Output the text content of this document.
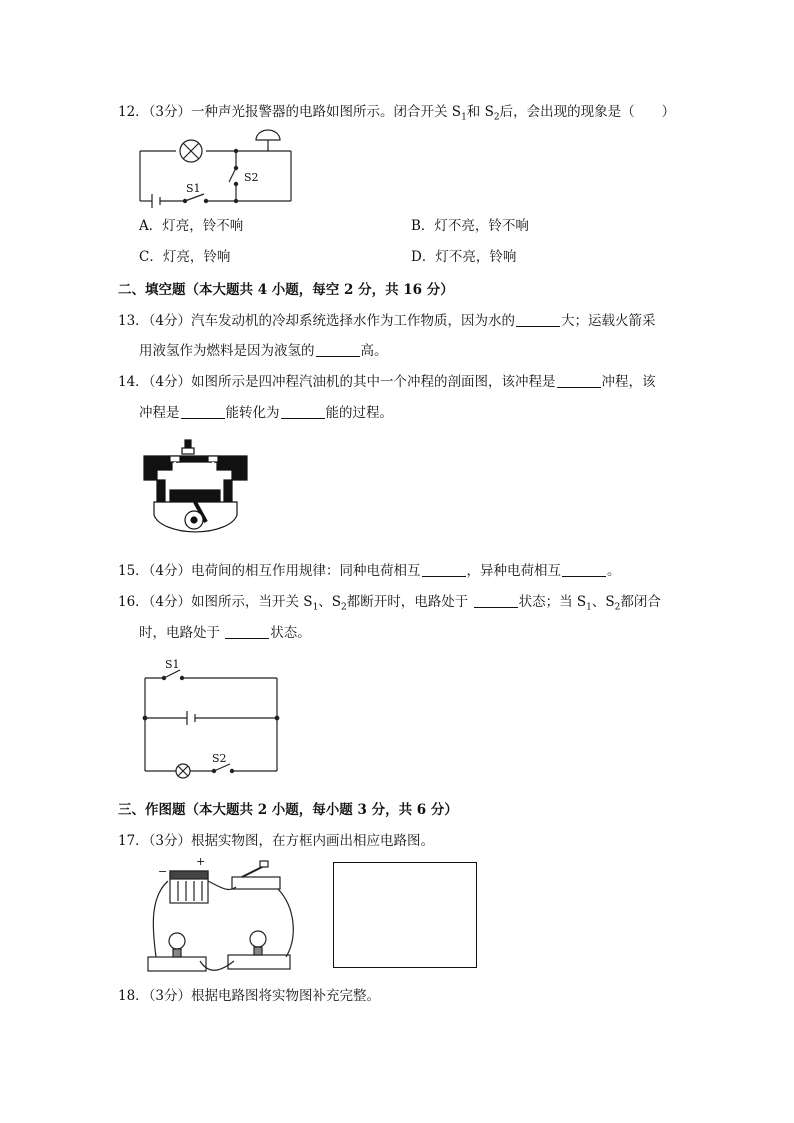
12．（3分）一种声光报警器的电路如图所示。闭合开关 $S_1$和 $S_2$后，会出现的现象是（　　）
S1
S2
A．灯亮，铃不响	B．灯不亮，铃不响
C．灯亮，铃响	D．灯不亮，铃响
二、填空题（本大题共 4 小题，每空 2 分，共 16 分）
13．（4分）汽车发动机的冷却系统选择水作为工作物质，因为水的	大；运载火箭采
用液氢作为燃料是因为液氢的	高。
14．（4分）如图所示是四冲程汽油机的其中一个冲程的剖面图，该冲程是	冲程，该
冲程是	能转化为	能的过程。
15．（4分）电荷间的相互作用规律：同种电荷相互	，异种电荷相互	。
16．（4分）如图所示，当开关 $S_1$、$S_2$都断开时，电路处于	状态；当 $S_1$、$S_2$都闭合
时，电路处于	状态。
S1
S2
三、作图题（本大题共 2 小题，每小题 3 分，共 6 分）
17．（3分）根据实物图，在方框内画出相应电路图。
−
+
18．（3分）根据电路图将实物图补充完整。
